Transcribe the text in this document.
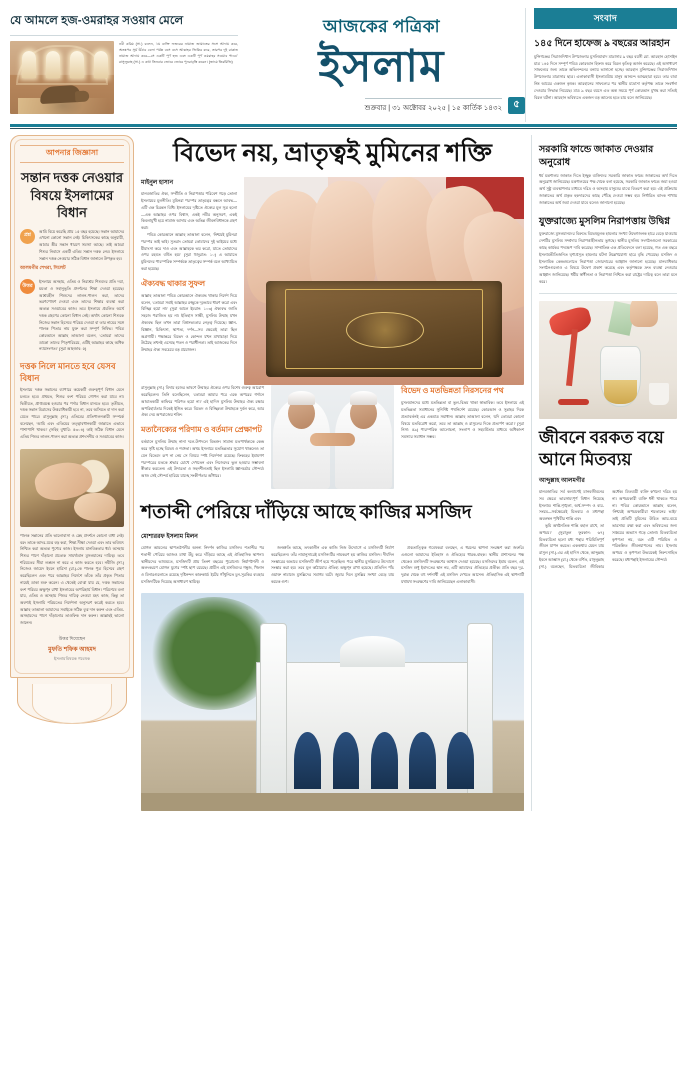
যে আমলে হজ-ওমরাহর সওয়াব মেলে
নবী করিম (সা.) বলেন, ‘যে ব্যক্তি ফজরের নামাজ জামাতের সঙ্গে আদায় করে, অতঃপর সূর্য উঠার বেলা পর্যন্ত বসে বসে আল্লাহর জিকির করে, তারপর দুই রাকাত নামাজ আদায় করে—সে একটি পূর্ণ হজ এবং একটি পূর্ণ ওমরাহর সওয়াব পাবে।’ রাসুলুল্লাহ (সা.) এ কথা তিনবার জোরে জোরে পুনরাবৃত্তি করেন। (জামে তিরমিজি)
আজকের পত্রিকা
ইসলাম
শুক্রবার | ৩১ অক্টোবর ২০২৫ | ১৫ কার্তিক ১৪৩২	৫
সংবাদ
১৪৫ দিনে হাফেজ ৯ বছরের আরহান
মুন্সিগঞ্জের সিরাজদিখান উপজেলার মুসলিমাবাদ মাদ্রাসার ৯ বছর বয়সী মো. আরহান হোসাইন মাত্র ১৪৫ দিনে সম্পূর্ণ পবিত্র কোরআন হিফজ করে বিরল কৃতিত্ব অর্জন করেছে। এই অসাধারণ সাফল্যের জন্য তাকে অভিনন্দনের বন্যায় ভাসানো হচ্ছে। আরহান মুন্সিগঞ্জের সিরাজদিখান উপজেলার মাদ্রাসার ছাত্র। এলাকাবাসী ইসলামপ্রিয় মানুষ আনন্দে আত্মহারা হয়ে। তার বাবা নিম্ন আয়ের একজন কৃষক। আরহানের সাফল্যের পর স্থানীয় মাদ্রাসা কর্তৃপক্ষ তাকে সংবর্ধনা দেওয়ার সিদ্ধান্ত নিয়েছে। মাত্র ৯ বছর বয়সে এত অল্প সময়ে পূর্ণ কোরআন মুখস্থ করা সত্যিই বিরল ঘটনা। আরহান ভবিষ্যতে একজন বড় আলেম হতে চায় বলে জানিয়েছে।
আপনার জিজ্ঞাসা
সন্তান দত্তক নেওয়ার বিষয়ে ইসলামের বিধান
প্রশ্ন
আমি বিয়ে করেছি প্রায় ১৫ বছর হয়েছে। সন্তান আমাদের এখনো কোনো সন্তান নেই। চিকিৎসকের কাছে অনুযায়ী, আমার স্ত্রীর সন্তান ধারণে সমস্যা আছে। তাই আমরা শিশুর নিবাসে একটি এতিম সন্তান দত্তক নেব। ইসলামে সন্তান দত্তক নেওয়ার সঠিক বিধান জানালে উপকৃত হব।
আলমগীর শেখরা, সিলেট
উত্তর
ইসলামে অসহায়, এতিম ও নিরাশ্রয় শিশুদের প্রতি দয়া, মমতা ও সহানুভূতি প্রদর্শনের শিক্ষা দেওয়া হয়েছে। আশ্রয়হীন শিশুদের লালন-পালন করা, তাদের ভরণপোষণ দেওয়া এবং তাদের শিক্ষার ব্যবস্থা করা অত্যন্ত সওয়াবের কাজ। তবে ইসলামে প্রচলিত অর্থে দত্তক গ্রহণের কোনো বিধান নেই। অর্থাৎ কোনো শিশুকে নিজের সন্তান হিসেবে পরিচয় দেওয়া বা তার নামের সঙ্গে পালক পিতার নাম যুক্ত করা সম্পূর্ণ নিষিদ্ধ। পবিত্র কোরআনে আল্লাহ তাআলা বলেন, ‘তোমরা তাদের ডাকো তাদের পিতৃপরিচয়ে, এটিই আল্লাহর কাছে অধিক ন্যায়সংগত।’ (সুরা আহজাব: ৫)
দত্তক নিলে মানতে হবে যেসব বিধান
ইসলামে দত্তক সন্তানের ব্যাপারে কয়েকটি গুরুত্বপূর্ণ বিধান মেনে চলতে হবে। প্রথমত, শিশুর বংশ পরিচয় গোপন করা যাবে না। দ্বিতীয়ত, প্রাপ্তবয়স্ক হওয়ার পর পর্দার বিধান মানতে হবে। তৃতীয়ত, দত্তক সন্তান মিরাসের উত্তরাধিকারী হবে না, তবে অসিয়ত বা দান করা যেতে পারে। রাসুলুল্লাহ (সা.) এতিমের প্রতিপালনকারী সম্পর্কে বলেছেন, ‘আমি এবং এতিমের তত্ত্বাবধানকারী জান্নাতে এভাবে পাশাপাশি থাকব।’ (সহিহ বুখারি: ৫৩০৪) তাই সঠিক বিধান মেনে এতিম শিশুর লালন-পালন করা অত্যন্ত প্রশংসনীয় ও সওয়াবের কাজ।
পালক সন্তানের প্রতি ভালোবাসা ও স্নেহ প্রদর্শনে কোনো বাধা নেই। বরং তাকে আদর-যত্নে বড় করা, শিক্ষা-দীক্ষা দেওয়া এবং তার ভবিষ্যৎ নিশ্চিত করা অত্যন্ত পুণ্যের কাজ। ইসলাম মানবিকতার ধর্ম। অসহায় শিশুর পাশে দাঁড়ানো প্রত্যেক সামর্থ্যবান মুসলমানের দায়িত্ব। তবে শরিয়তের সীমা লঙ্ঘন না করে এ কাজ করতে হবে। নবীজি (সা.) নিজেও জায়েদ ইবনে হারিসা (রা.)-কে পালক পুত্র হিসেবে গ্রহণ করেছিলেন এবং পরে আল্লাহর নির্দেশে তাঁকে তাঁর প্রকৃত পিতার নামেই ডাকা শুরু করেন। এ থেকেই বোঝা যায় যে, দত্তক সন্তানের বংশ পরিচয় অক্ষুণ্ন রাখা ইসলামের অপরিহার্য বিধান। পরিশেষে বলা যায়, এতিম ও অসহায় শিশুর দায়িত্ব নেওয়া মহৎ কাজ, কিন্তু তা অবশ্যই ইসলামি শরিয়তের নির্দেশনা অনুসরণ করেই করতে হবে। আল্লাহ তাআলা আমাদের সবাইকে সঠিক বুঝ দান করুন এবং এতিম-অসহায়দের পাশে দাঁড়ানোর তাওফিক দান করুন। আল্লাহই ভালো জানেন।
উত্তর দিয়েছেন
মুফতি শফিক আহমদ
ইসলামবিষয়ক গবেষক
বিভেদ নয়, ভ্রাতৃত্বই মুমিনের শক্তি
মাইনুল হাসান
মানবজাতির ঐক্য, সম্প্রীতি ও নিরাপত্তার পরিবেশ গড়ে তোলা ইসলামের মূলনীতি। মুমিনরা পরস্পর ভ্রাতৃত্বের বন্ধনে আবদ্ধ—এটি এক চিরন্তন বিধি। ইসলামের দৃষ্টিতে ঐক্যের মূল সূত্র হলো—এক আল্লাহর ওপর বিশ্বাস, একই নবীর অনুসরণ, একই কিবলামুখী হয়ে নামাজ আদায় এবং অভিন্ন জীবনবিধানকে গ্রহণ করা।
পবিত্র কোরআনে আল্লাহ তাআলা বলেন, ‘নিশ্চয়ই মুমিনরা পরস্পর ভাই ভাই। সুতরাং তোমরা তোমাদের দুই ভাইয়ের মধ্যে মীমাংসা করে দাও এবং আল্লাহকে ভয় করো, যাতে তোমাদের ওপর রহমত বর্ষিত হয়।’ (সুরা হুজুরাত: ১০) এ আয়াতে মুমিনদের পারস্পরিক সম্পর্ককে ভ্রাতৃত্বের সম্পর্ক বলে আখ্যায়িত করা হয়েছে।
ঐক্যবদ্ধ থাকার সুফল
আল্লাহ তাআলা পবিত্র কোরআনে ঐক্যবদ্ধ থাকার নির্দেশ দিয়ে বলেন, ‘তোমরা সবাই আল্লাহর রজ্জুকে দৃঢ়ভাবে ধারণ করো এবং বিচ্ছিন্ন হয়ো না।’ (সুরা আলে ইমরান: ১০৩) ঐক্যবদ্ধ জাতি সহজে পরাজিত হয় না। ইতিহাস সাক্ষী, মুসলিম উম্মাহ যখন ঐক্যবদ্ধ ছিল তখন তারা বিশ্বসভ্যতার নেতৃত্ব দিয়েছে। জ্ঞান-বিজ্ঞান, চিকিৎসা, স্থাপত্য, দর্শন—সব ক্ষেত্রেই তারা ছিল অগ্রগামী। পক্ষান্তরে বিভেদ ও কোন্দল যখন মাথাচাড়া দিয়ে উঠেছে তখনই এসেছে পতন ও পরাধীনতা। তাই আজকের দিনে উম্মাহর ঐক্য সবচেয়ে বড় প্রয়োজন।
রাসুলুল্লাহ (সা.) বিদায় হজের ভাষণে উম্মাহর ঐক্যের ওপর বিশেষ গুরুত্ব আরোপ করেছিলেন। তিনি বলেছিলেন, ‘তোমরা আমার পরে একে অপরের গর্দানে আঘাতকারী কাফিরে পরিণত হয়ো না।’ এই হাদিস মুসলিম উম্মাহর ঐক্য রক্ষার অপরিহার্যতার দিকেই ইঙ্গিত করে। বিভেদ ও বিচ্ছিন্নতা উম্মাহকে দুর্বল করে, আর ঐক্য দেয় অপরাজেয় শক্তি।
মতানৈক্যের পরিণাম ও বর্তমান প্রেক্ষাপট
বর্তমানে মুসলিম উম্মাহ নানা দলে-উপদলে বিভক্ত। সামান্য মতপার্থক্যকে কেন্দ্র করে সৃষ্টি হচ্ছে বিদ্বেষ ও শত্রুতা। অথচ ইসলামে মতভিন্নতার সুযোগ থাকলেও তা যেন বিভেদে রূপ না নেয় সে বিষয়ে স্পষ্ট নির্দেশনা রয়েছে। ফিকহের ইমামগণ পরস্পরের মতকে শ্রদ্ধার চোখে দেখতেন এবং নিজেদের ভুল হওয়ার সম্ভাবনা স্বীকার করতেন। এই উদারতা ও সহনশীলতাই ছিল ইসলামি জ্ঞানচর্চার সৌন্দর্য। আজ সেই সৌন্দর্য হারিয়ে যাচ্ছে সংকীর্ণতার আঁধারে।
বিভেদ ও মতভিন্নতা নিরসনের পথ
মুসলমানদের মধ্যে মতভিন্নতা বা ভুল-বিভ্রম থাকা স্বাভাবিক। তবে ইসলামে এই মতভিন্নতা সমাধানের সুনির্দিষ্ট পথনির্দেশ রয়েছে। কোরআন ও সুন্নাহর দিকে প্রত্যাবর্তনই এর একমাত্র সমাধান। আল্লাহ তাআলা বলেন, ‘যদি তোমরা কোনো বিষয়ে মতবিরোধ করো, তবে তা আল্লাহ ও রাসুলের দিকে প্রত্যর্পণ করো।’ (সুরা নিসা: ৫৯) পারস্পরিক আলোচনা, সংলাপ ও সহমর্মিতার মাধ্যমে অধিকাংশ সমস্যার সমাধান সম্ভব।
শতাব্দী পেরিয়ে দাঁড়িয়ে আছে কাজির মসজিদ
মোশাররফ ইসলাম মিলন
মোগল আমলের স্থাপত্যশৈলীর অনন্য নিদর্শন কাজির মসজিদ। শতাব্দীর পর শতাব্দী পেরিয়ে আজও মাথা উঁচু করে দাঁড়িয়ে আছে এই ঐতিহাসিক স্থাপনা। স্থানীয়দের ভাষ্যমতে, মসজিদটি প্রায় তিনশ বছরের পুরোনো। নির্মাণশৈলী ও অলংকরণে মোগল যুগের স্পষ্ট ছাপ রয়েছে। প্রাচীন এই মসজিদের গম্বুজ, খিলান ও মিনারগুলোতে রয়েছে দৃষ্টিনন্দন কারুকার্য। ইটের গাঁথুনিতে চুন-সুরকির ব্যবহার মসজিদটিকে দিয়েছে অসাধারণ স্থায়িত্ব।
জনশ্রুতি আছে, তৎকালীন এক কাজি নিজ উদ্যোগে এ মসজিদটি নির্মাণ করেছিলেন। তাঁর নামানুসারেই মসজিদটির নামকরণ হয় কাজির মসজিদ। দীর্ঘদিন সংস্কারের অভাবে মসজিদটি জীর্ণ হয়ে পড়েছিল। পরে স্থানীয় মুসল্লিদের উদ্যোগে সংস্কার করা হয়। তবে মূল কাঠামোর ঐতিহ্য অক্ষুণ্ন রাখা হয়েছে। প্রতিদিন পাঁচ ওয়াক্ত নামাজে মুসল্লিদের সমাগম ঘটে। জুমার দিনে মুসল্লির সংখ্যা বেড়ে যায় কয়েক গুণ।
প্রত্নতাত্ত্বিক গবেষকরা বলছেন, এ ধরনের স্থাপনা সংরক্ষণ করা জরুরি। এগুলো আমাদের ইতিহাস ও ঐতিহ্যের ধারক-বাহক। স্থানীয় প্রশাসনের পক্ষ থেকেও মসজিদটি সংরক্ষণের আশ্বাস দেওয়া হয়েছে। মসজিদের ইমাম বলেন, এই মসজিদ শুধু ইবাদতের স্থান নয়, এটি আমাদের ঐতিহ্যের প্রতীক। প্রতি বছর দূর-দূরান্ত থেকে বহু দর্শনার্থী এই মসজিদ দেখতে আসেন। ঐতিহাসিক এই স্থাপনাটি যথাযথ সংরক্ষণের দাবি জানিয়েছেন এলাকাবাসী।
সরকারি ফান্ডে জাকাত দেওয়ার অনুরোধ
ধর্ম মন্ত্রণালয় জাকাত দিতে ইচ্ছুক ব্যক্তিদের সরকারি জাকাত ফান্ডে জাকাতের অর্থ দিতে অনুরোধ জানিয়েছে। মন্ত্রণালয়ের পক্ষ থেকে বলা হয়েছে, সরকারি জাকাত ফান্ডে জমা হওয়া অর্থ সুষ্ঠু ব্যবস্থাপনার মাধ্যমে দরিদ্র ও অসহায় মানুষের মাঝে বিতরণ করা হয়। এই প্রক্রিয়ায় জাকাতের অর্থ প্রকৃত হকদারদের কাছে পৌঁছে দেওয়া সম্ভব হয়। নির্ধারিত ব্যাংক শাখায় জাকাতের অর্থ জমা দেওয়া যাবে বলেও জানানো হয়েছে।
যুক্তরাজ্যে মুসলিম নিরাপত্তায় উদ্বিগ্ন
যুক্তরাজ্যে মুসলমানদের বিরুদ্ধে বিদ্বেষমূলক হামলার সংখ্যা উদ্বেগজনক হারে বেড়ে যাওয়ায় দেশটির মুসলিম সম্প্রদায় নিরাপত্তাহীনতায় ভুগছে। স্থানীয় মুসলিম সংগঠনগুলো সরকারের কাছে কার্যকর পদক্ষেপ দাবি করেছে। সাম্প্রতিক এক প্রতিবেদনে বলা হয়েছে, গত এক বছরে ইসলামভীতিজনিত ঘৃণাপ্রসূত হামলার ঘটনা উল্লেখযোগ্য হারে বৃদ্ধি পেয়েছে। মসজিদ ও ইসলামিক কেন্দ্রগুলোতে নিরাপত্তা জোরদারের আহ্বান জানানো হয়েছে। মানবাধিকার সংগঠনগুলোও এ বিষয়ে উদ্বেগ প্রকাশ করেছে এবং কর্তৃপক্ষকে দ্রুত ব্যবস্থা নেওয়ার আহ্বান জানিয়েছে। ধর্মীয় স্বাধীনতা ও নিরাপত্তা নিশ্চিত করা রাষ্ট্রের দায়িত্ব বলে তারা মনে করে।
জীবনে বরকত বয়ে আনে মিতব্যয়
আব্দুল্লাহ আলমগীর
মানবজাতির সর্ব কল্যাণেই মানবজীবনের সব ক্ষেত্রে ভারসাম্যপূর্ণ বিধান নিয়েছে ইসলাম। শান্তি-শৃঙ্খলা, অর্থ-সম্পদ ও ব্যয়-সংযম—সর্বক্ষেত্রেই মিতব্যয় ও মধ্যপন্থা অবলম্বন পৃথিবীর শান্তি এবং
ভূমি অর্থনৈতিক শান্তি বহাল রাখে, তা অপচয়।’ (সুরাতুল ফুরকান: ৬৭) মিতব্যয়িতা হলো মধ্য পন্থার পরিমিতিপূর্ণ জীবন যাপন করতে। এককথায় যেমন যায় রাসুল (সা.)-এর এই হাদিস থেকে, আব্দুল্লাহ ইবনে আব্বাস (রা.) থেকে বর্ণিত, রাসুলুল্লাহ (সা.) বলেছেন, মিতব্যয়িতা জীবিকার অর্ধেক। মিতব্যয়ী ব্যক্তি কখনো দরিদ্র হয় না। অপচয়কারী ব্যক্তি ধনী থাকতে পারে না। পবিত্র কোরআনে আল্লাহ বলেন, ‘নিশ্চয়ই অপচয়কারীরা শয়তানের ভাই।’ তাই প্রতিটি মুমিনের উচিত আয়-ব্যয়ে ভারসাম্য রক্ষা করা এবং ভবিষ্যতের জন্য সঞ্চয়ের অভ্যাস গড়ে তোলা। মিতব্যয়িতা কৃপণতা নয়, বরং এটি পরিমিত ও পরিকল্পিত জীবনযাপনের নাম। ইসলাম অপচয় ও কৃপণতা উভয়কেই নিরুৎসাহিত করেছে। মধ্যপন্থাই ইসলামের সৌন্দর্য।
